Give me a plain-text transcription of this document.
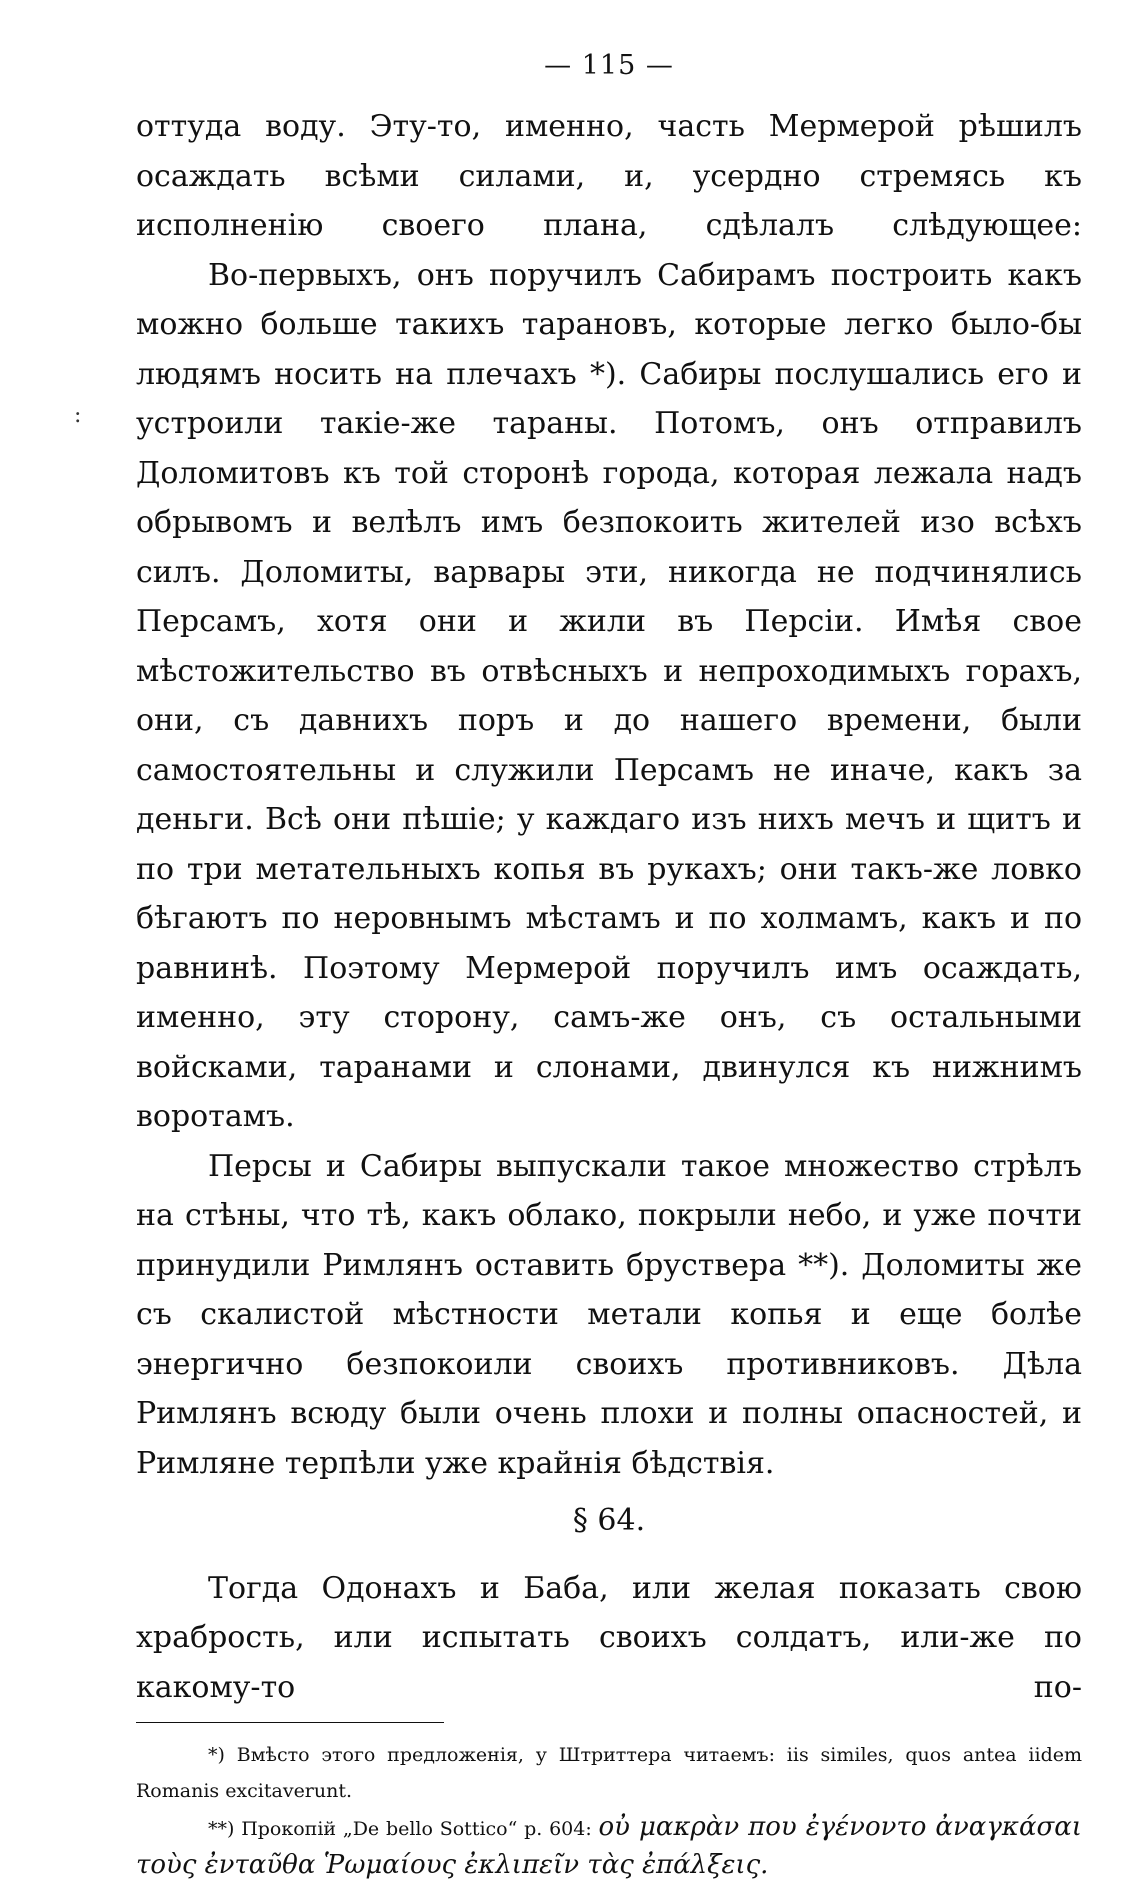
:
— 115 —

оттуда воду. Эту-то, именно, часть Мермерой рѣшилъ осаждать всѣми силами, и, усердно стремясь къ исполненію своего плана, сдѣлалъ слѣдующее:

Во-первыхъ, онъ поручилъ Сабирамъ построить какъ можно больше такихъ тарановъ, которые легко было-бы людямъ носить на плечахъ *). Сабиры послушались его и устроили такіе-же тараны. Потомъ, онъ отправилъ Доломитовъ къ той сторонѣ города, которая лежала надъ обрывомъ и велѣлъ имъ безпокоить жителей изо всѣхъ силъ. Доломиты, варвары эти, никогда не подчинялись Персамъ, хотя они и жили въ Персіи. Имѣя свое мѣстожительство въ отвѣсныхъ и непроходимыхъ горахъ, они, съ давнихъ поръ и до нашего времени, были самостоятельны и служили Персамъ не иначе, какъ за деньги. Всѣ они пѣшіе; у каждаго изъ нихъ мечъ и щитъ и по три метательныхъ копья въ рукахъ; они такъ-же ловко бѣгаютъ по неровнымъ мѣстамъ и по холмамъ, какъ и по равнинѣ. Поэтому Мермерой поручилъ имъ осаждать, именно, эту сторону, самъ-же онъ, съ остальными войсками, таранами и слонами, двинулся къ нижнимъ воротамъ.

Персы и Сабиры выпускали такое множество стрѣлъ на стѣны, что тѣ, какъ облако, покрыли небо, и уже почти принудили Римлянъ оставить брустверa **). Доломиты же съ скалистой мѣстности метали копья и еще болѣе энергично безпокоили своихъ противниковъ. Дѣла Римлянъ всюду были очень плохи и полны опасностей, и Римляне терпѣли уже крайнія бѣдствія.

§ 64.

Тогда Одонахъ и Баба, или желая показать свою храбрость, или испытать своихъ солдатъ, или-же по какому-то по-

*) Вмѣсто этого предложенія, у Штриттера читаемъ: iis similes, quos antea iidem Romanis excitaverunt.

**) Прокопій „De bello Sottico“ p. 604: οὐ μακρὰν που ἐγένοντο ἀναγκάσαι τοὺς ἐνταῦθα Ῥωμαίους ἐκλιπεῖν τὰς ἐπάλξεις.
